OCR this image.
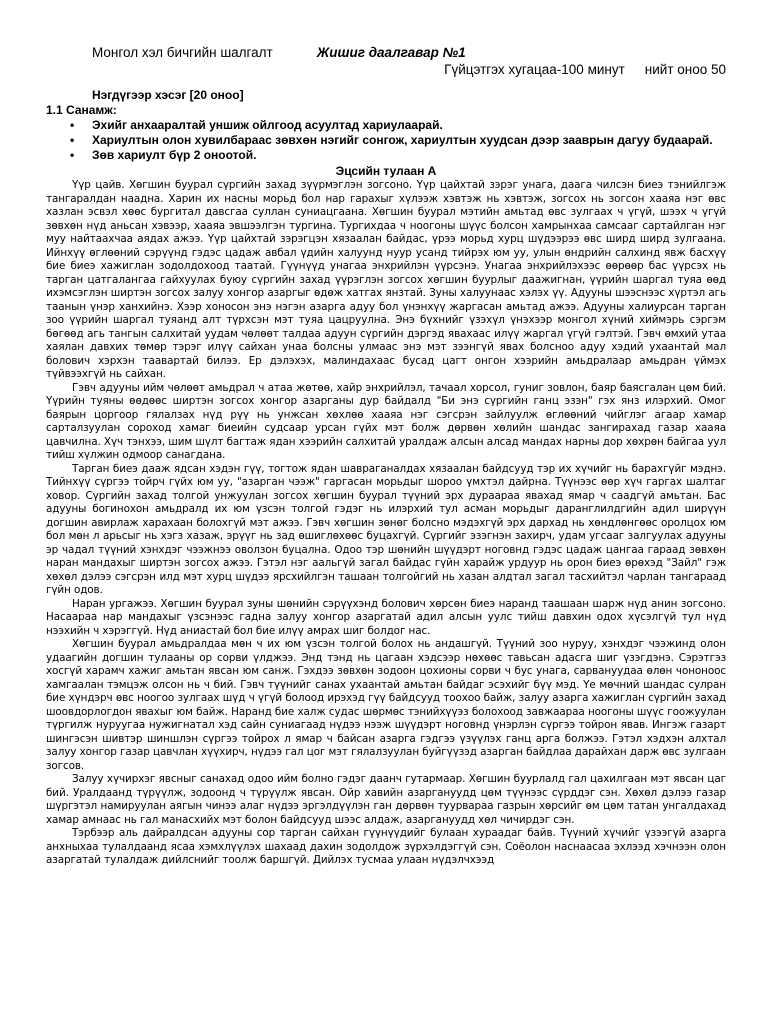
Монгол хэл бичгийн шалгалт	Жишиг даалгавар №1
Гүйцэтгэх хугацаа-100 минут нийт оноо 50
Нэгдүгээр хэсэг [20 оноо]
1.1 Санамж:
• Эхийг анхааралтай уншиж ойлгоод асуултад хариулаарай.
• Хариултын олон хувилбараас зөвхөн нэгийг сонгож, хариултын хуудсан дээр зааврын дагуу будаарай.
• Зөв хариулт бүр 2 оноотой.
Эцсийн тулаан А

Үүр цайв. Хөгшин буурал сүргийн захад зүүрмэглэн зогсоно. Үүр цайхтай зэрэг унага, даага чилсэн биеэ тэнийлгэж тангаралдан наадна. Харин их насны морьд бол нар гарахыг хүлээж хэвтэж нь хэвтэж, зогсох нь зогсон хааяа нэг өвс хазлан эсвэл хөөс бургитал давсгаа суллан суниацгаана. Хөгшин буурал мэтийн амьтад өвс зулгаах ч үгүй, шээх ч үгүй зөвхөн нүд аньсан хэвээр, хааяа эвшээлгэн тургина. Тургихдаа ч ноогоны шүүс болсон хамрынхаа самсааг сартайлган нэг муу найтаахчаа аядах ажээ. Үүр цайхтай зэрэгцэн хязаалан байдас, үрээ морьд хурц шүдээрээ өвс ширд ширд зулгаана. Ийнхүү өглөөний сэрүүнд гэдэс цадаж авбал үдийн халуунд нуур усанд тийрэх юм уу, улын өндрийн салхинд явж басхүү бие биеэ хажиглан зодолдохоод таатай. Гүүнүүд унагаа энхрийлэн үүрсэнэ. Унагаа энхрийлэхээс өөрөөр бас үүрсэх нь тарган цатгалангаа гайхуулах буюу сүргийн захад үүрэглэн зогсох хөгшин буурлыг даажигнан, үүрийн шаргал туяа өөд ихэмсэглэн ширтэн зогсох залуу хонгор азаргыг өдөж хатгах янзтай. Зуны халуунаас хэлэх үү. Адууны шээснээс хүртэл агь таанын үнэр ханхийнэ. Хээр хоносон энэ нэгэн азарга адуу бол үнэнхүү жаргасан амьтад ажээ. Адууны халиурсан тарган зоо үүрийн шаргал туяанд алт түрхсэн мэт туяа цацруулна. Энэ бүхнийг үзэхүл үнэхээр монгол хүний хиймэрь сэргэм бөгөөд агь тангын салхитай уудам чөлөөт талдаа адуун сүргийн дэргэд явахаас илүү жаргал үгүй гэлтэй. Гэвч өмхий утаа хаялан давхих төмөр тэрэг илүү сайхан унаа болсны улмаас энэ мэт зээнгүй явах болсноо адуу хэдий ухаантай мал болович хэрхэн таавартай билээ. Ер дэлэхэх, малиндахаас бусад цагт онгон хээрийн амьдралаар амьдран үймэх түйвээхгүй нь сайхан.

Гэвч адууны ийм чөлөөт амьдрал ч атаа жөтөө, хайр энхрийлэл, тачаал хорсол, гуниг зовлон, баяр баясгалан цөм бий. Үүрийн туяны өөдөөс ширтэн зогсох хонгор азарганы дур байдалд "Би энэ сүргийн ганц эзэн" гэх янз илэрхий. Омог баярын цоргоор гялалзах нүд рүү нь унжсан хөхлөө хааяа нэг сэгсрэн зайлуулж өглөөний чийглэг агаар хамар сарталзуулан сороход хамаг биеийн судсаар урсан гүйх мэт болж дөрвөн хөлийн шандас зангирахад газар хааяа цавчилна. Хүч тэнхээ, шим шүлт багтаж ядан хээрийн салхитай уралдаж алсын алсад мандах нарны дор хөхрөн байгаа уул тийш хүлжин одмоор санагдана.

Тарган биеэ дааж ядсан хэдэн гүү, тогтож ядан шавраганалдах хязаалан байдсууд тэр их хүчийг нь барахгүйг мэднэ. Тийнхүү сүргээ тойрч гүйх юм уу, "азарган чээж" гаргасан морьдыг шороо үмхтэл дайрна. Түүнээс өөр хүч гаргах шалтаг ховор. Сүргийн захад толгой унжуулан зогсох хөгшин буурал түүний эрх дураараа явахад ямар ч саадгүй амьтан. Бас адууны богинохон амьдралд их юм үзсэн толгой гэдэг нь илэрхий тул асман морьдыг даранглилдгийн адил ширүүн догшин авирлаж харахаан болохгүй мэт ажээ. Гэвч хөгшин зөнөг болсно мэдэхгүй эрх дархад нь хөндлөнгөөс оролцох юм бол мөн л арьсыг нь хэгз хазаж, эрүүг нь зад өшиглөхөөс буцахгүй. Сүргийг эзэгнэн захирч, удам угсааг залгуулах адууны эр чадал түүний хэнхдэг чээжнээ оволзон буцална. Одоо тэр шөнийн шүүдэрт ноговнд гэдэс цадаж цангаа гараад зөвхөн наран мандахыг ширтэн зогсох ажээ. Гэтэл нэг аальгүй загал байдас гүйн харайж урдуур нь орон биеэ өрөхэд "Зайл" гэж хөхөл дэлээ сэгсрэн илд мэт хурц шүдээ ярсхийлгэн ташаан толгойгий нь хазан алдтал загал тасхийтэл чарлан тангараад гүйн одов.

Наран ургажээ. Хөгшин буурал зуны шөнийн сэрүүхэнд болович хөрсөн биеэ наранд таашаан шарж нүд анин зогсоно. Насаараа нар мандахыг үзсэнээс гадна залуу хонгор азаргатай адил алсын уулс тийш давхин одох хүсэлгүй тул нүд нээхийн ч хэрэггүй. Нүд аниастай бол бие илүү амрах шиг болдог нас.

Хөгшин буурал амьдралдаа мөн ч их юм үзсэн толгой болох нь андашгүй. Түүний зоо нуруу, хэнхдэг чээжинд олон удаагийн догшин тулааны ор сорви үлджээ. Энд тэнд нь цагаан хэдсээр нөхөөс тавьсан адасга шиг үзэгдэнэ. Сэрэтгэз хосгүй харамч хажиг амьтан явсан юм санж. Гэхдээ зөвхөн зодоон цохионы сорви ч бус унага, сарвануудаа өлөн чононоос хамгаалан тэмцэж олсон нь ч бий. Гэвч түүнийг санах ухаантай амьтан байдаг эсэхийг бүү мэд. Үе мөчний шандас сулран бие хүндэрч өвс ноогоо зулгаах шүд ч үгүй болоод ирэхэд гүү байдсууд тоохоо байж, залуу азарга хажиглан сүргийн захад шоовдорлогдон явахыг юм байж. Наранд бие халж судас шөрмөс тэнийхүүэз болохоод завжаараа ноогоны шүүс гоожуулан түргилж нуруугаа нужигнатал хэд сайн суниагаад нүдээ нээж шүүдэрт ноговнд үнэрлэн сүргээ тойрон явав. Ингэж газарт шингэсэн шивтэр шиншлэн сүргээ тойрох л ямар ч байсан азарга гэдгээ үзүүлэх ганц арга болжээ. Гэтэл хэдхэн алхтал залуу хонгор газар цавчлан хүүхирч, нүдээ гал цог мэт гялалзуулан буйгүүзэд азарган байдлаа дарайхан дарж өвс зулгаан зогсов.

Залуу хүчирхэг явсныг санахад одоо ийм болно гэдэг даанч гутармаар. Хөгшин буурлалд гал цахилгаан мэт явсан цаг бий. Уралдаанд түрүүлж, зодоонд ч түрүүлж явсан. Ойр хавийн азаргануудд цөм түүнээс сүрддэг сэн. Хөхөл дэлээ газар шүргэтэл намируулан аягын чинээ алаг нүдээ эргэлдүүлэн ган дөрвөн туурвараа газрын хөрсийг өм цөм татан унгалдахад хамар амнаас нь гал манасхийх мэт болон байдсууд шээс алдаж, азаргануудд хөл чичирдэг сэн.

Тэрбээр аль дайралдсан адууны сор тарган сайхан гүүнүүдийг булаан хураадаг байв. Түүний хүчийг үзээгүй азарга анхныхаа тулалдаанд ясаа хэмхлүүлэх шахаад дахин зодолдож зүрхэлдэггүй сэн. Соёолон наснаасаа эхлээд хэчнээн олон азаргатай тулалдаж дийлснийг тоолж баршгүй. Дийлэх тусмаа улаан нүдэлчхээд
